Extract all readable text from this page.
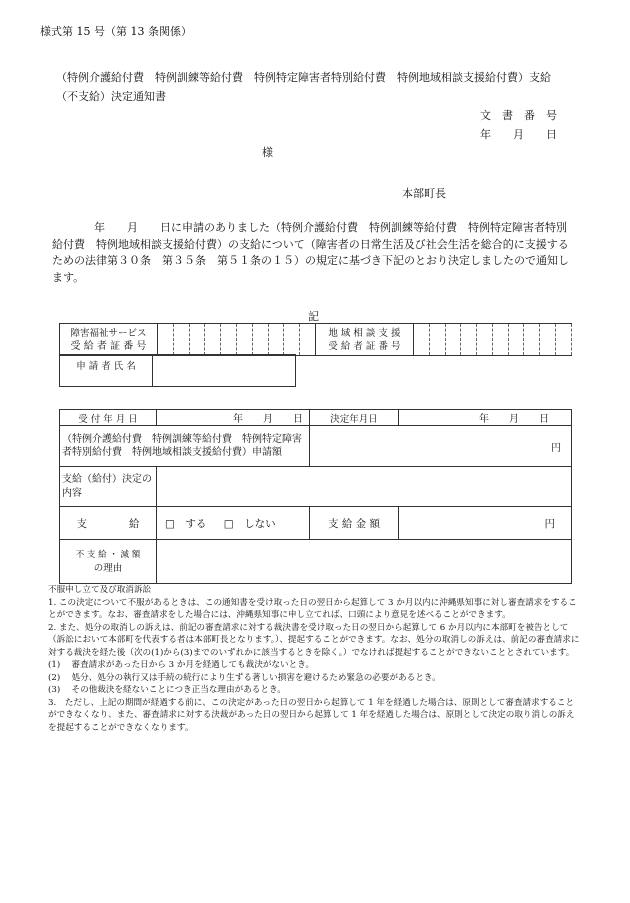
様式第 15 号（第 13 条関係）
（特例介護給付費　特例訓練等給付費　特例特定障害者特別給付費　特例地域相談支援給付費）支給
（不支給）決定通知書
文　書　番　号
年　　月　　日
様
本部町長
年　　月　　日に申請のありました（特例介護給付費　特例訓練等給付費　特例特定障害者特別給付費　特例地域相談支援給付費）の支給について（障害者の日常生活及び社会生活を総合的に支援するための法律第３０条　第３５条　第５１条の１５）の規定に基づき下記のとおり決定しましたので通知します。
記
障害福祉サービス
受 給 者 証 番 号

地 域 相 談 支 援
受 給 者 証 番 号

申 請 者 氏 名	
受 付 年 月 日	年　　月　　日	決定年月日	年　　月　　日
（特例介護給付費　特例訓練等給付費　特例特定障害者特別給付費　特例地域相談支援給付費）申請額		円	
支給（給付）決定の内容			
支　　　　給	□　する □　しない	支 給 金 額	円

不 支 給 ・ 減 額
の理由			

不服申し立て及び取消訴訟
1. この決定について不服があるときは、この通知書を受け取った日の翌日から起算して 3 か月以内に沖縄県知事に対し審査請求をすることができます。なお、審査請求をした場合には、沖縄県知事に申し立てれば、口頭により意見を述べることができます。
2. また、処分の取消しの訴えは、前記の審査請求に対する裁決書を受け取った日の翌日から起算して 6 か月以内に本部町を被告として（訴訟において本部町を代表する者は本部町長となります。）、提起することができます。なお、処分の取消しの訴えは、前記の審査請求に対する裁決を経た後（次の(1)から(3)までのいずれかに該当するときを除く。）でなければ提起することができないこととされています。
(1)　 審査請求があった日から 3 か月を経過しても裁決がないとき。
(2)　 処分、処分の執行又は手続の続行により生ずる著しい損害を避けるため緊急の必要があるとき。
(3)　 その他裁決を経ないことにつき正当な理由があるとき。
3.　ただし、上記の期間が経過する前に、この決定があった日の翌日から起算して 1 年を経過した場合は、原則として審査請求することができなくなり、また、審査請求に対する決裁があった日の翌日から起算して 1 年を経過した場合は、原則として決定の取り消しの訴えを提起することができなくなります。
